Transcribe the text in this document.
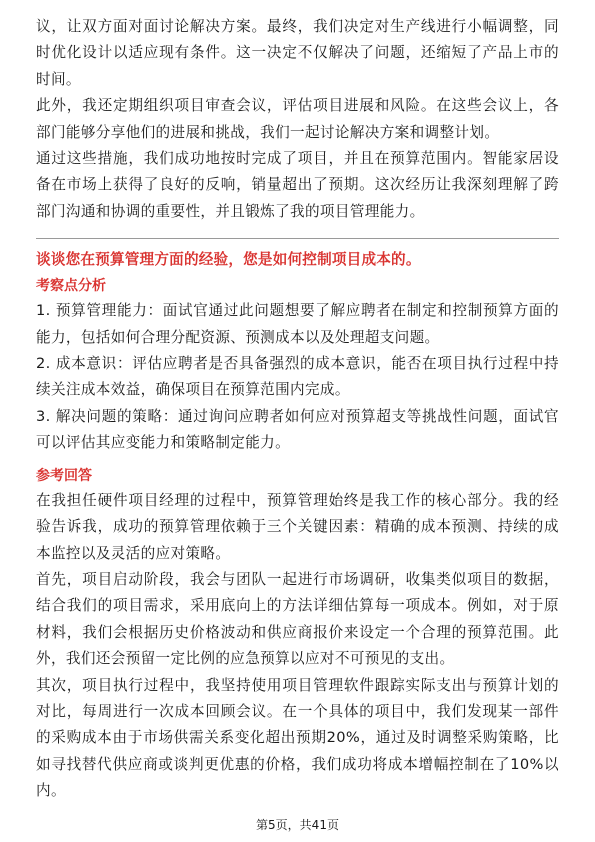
议，让双方面对面讨论解决方案。最终，我们决定对生产线进行小幅调整，同时优化设计以适应现有条件。这一决定不仅解决了问题，还缩短了产品上市的时间。

此外，我还定期组织项目审查会议，评估项目进展和风险。在这些会议上，各部门能够分享他们的进展和挑战，我们一起讨论解决方案和调整计划。

通过这些措施，我们成功地按时完成了项目，并且在预算范围内。智能家居设备在市场上获得了良好的反响，销量超出了预期。这次经历让我深刻理解了跨部门沟通和协调的重要性，并且锻炼了我的项目管理能力。

谈谈您在预算管理方面的经验，您是如何控制项目成本的。
考察点分析

1. 预算管理能力：面试官通过此问题想要了解应聘者在制定和控制预算方面的能力，包括如何合理分配资源、预测成本以及处理超支问题。

2. 成本意识：评估应聘者是否具备强烈的成本意识，能否在项目执行过程中持续关注成本效益，确保项目在预算范围内完成。

3. 解决问题的策略：通过询问应聘者如何应对预算超支等挑战性问题，面试官可以评估其应变能力和策略制定能力。

参考回答

在我担任硬件项目经理的过程中，预算管理始终是我工作的核心部分。我的经验告诉我，成功的预算管理依赖于三个关键因素：精确的成本预测、持续的成本监控以及灵活的应对策略。

首先，项目启动阶段，我会与团队一起进行市场调研，收集类似项目的数据，结合我们的项目需求，采用底向上的方法详细估算每一项成本。例如，对于原材料，我们会根据历史价格波动和供应商报价来设定一个合理的预算范围。此外，我们还会预留一定比例的应急预算以应对不可预见的支出。

其次，项目执行过程中，我坚持使用项目管理软件跟踪实际支出与预算计划的对比，每周进行一次成本回顾会议。在一个具体的项目中，我们发现某一部件的采购成本由于市场供需关系变化超出预期20%，通过及时调整采购策略，比如寻找替代供应商或谈判更优惠的价格，我们成功将成本增幅控制在了10%以内。

第5页，共41页
